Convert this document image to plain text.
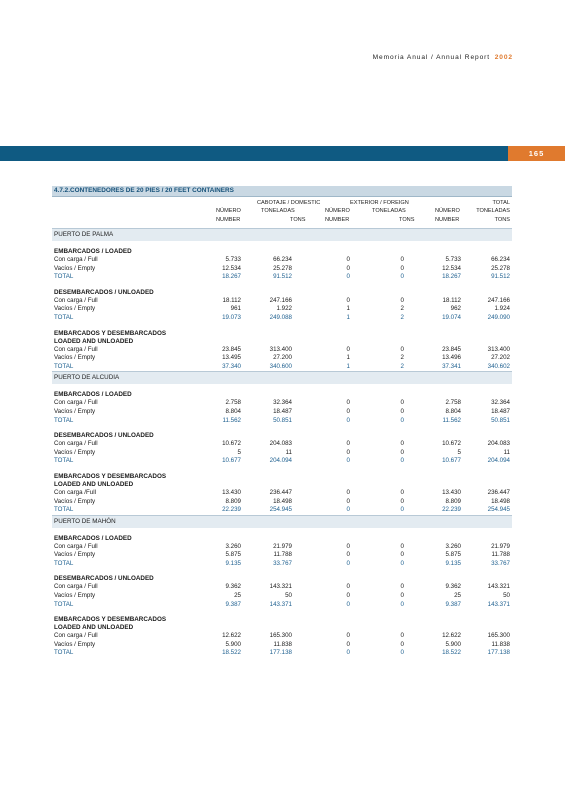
Memoria Anual / Annual Report 2002
165
4.7.2.CONTENEDORES DE 20 PIES / 20 FEET CONTAINERS
CABOTAJE / DOMESTIC	EXTERIOR / FOREIGN	TOTAL
NÚMERO	TONELADAS	NÚMERO	TONELADAS	NÚMERO	TONELADAS
NUMBER	TONS	NUMBER	TONS	NUMBER	TONS
PUERTO DE PALMA
EMBARCADOS / LOADED
Con carga / Full	5.733	66.234	0	0	5.733	66.234
Vacíos / Empty	12.534	25.278	0	0	12.534	25.278
TOTAL	18.267	91.512	0	0	18.267	91.512
DESEMBARCADOS / UNLOADED
Con carga / Full	18.112	247.166	0	0	18.112	247.166
Vacíos / Empty	961	1.922	1	2	962	1.924
TOTAL	19.073	249.088	1	2	19.074	249.090
EMBARCADOS Y DESEMBARCADOS
LOADED AND UNLOADED
Con carga / Full	23.845	313.400	0	0	23.845	313.400
Vacíos / Empty	13.495	27.200	1	2	13.496	27.202
TOTAL	37.340	340.600	1	2	37.341	340.602
PUERTO DE ALCUDIA
EMBARCADOS / LOADED
Con carga / Full	2.758	32.364	0	0	2.758	32.364
Vacíos / Empty	8.804	18.487	0	0	8.804	18.487
TOTAL	11.562	50.851	0	0	11.562	50.851
DESEMBARCADOS / UNLOADED
Con carga / Full	10.672	204.083	0	0	10.672	204.083
Vacíos / Empty	5	11	0	0	5	11
TOTAL	10.677	204.094	0	0	10.677	204.094
EMBARCADOS Y DESEMBARCADOS
LOADED AND UNLOADED
Con carga /Full	13.430	236.447	0	0	13.430	236.447
Vacíos / Empty	8.809	18.498	0	0	8.809	18.498
TOTAL	22.239	254.945	0	0	22.239	254.945
PUERTO DE MAHÓN
EMBARCADOS / LOADED
Con carga / Full	3.260	21.979	0	0	3.260	21.979
Vacíos / Empty	5.875	11.788	0	0	5.875	11.788
TOTAL	9.135	33.767	0	0	9.135	33.767
DESEMBARCADOS / UNLOADED
Con carga / Full	9.362	143.321	0	0	9.362	143.321
Vacíos / Empty	25	50	0	0	25	50
TOTAL	9.387	143.371	0	0	9.387	143.371
EMBARCADOS Y DESEMBARCADOS
LOADED AND UNLOADED
Con carga / Full	12.622	165.300	0	0	12.622	165.300
Vacíos / Empty	5.900	11.838	0	0	5.900	11.838
TOTAL	18.522	177.138	0	0	18.522	177.138
